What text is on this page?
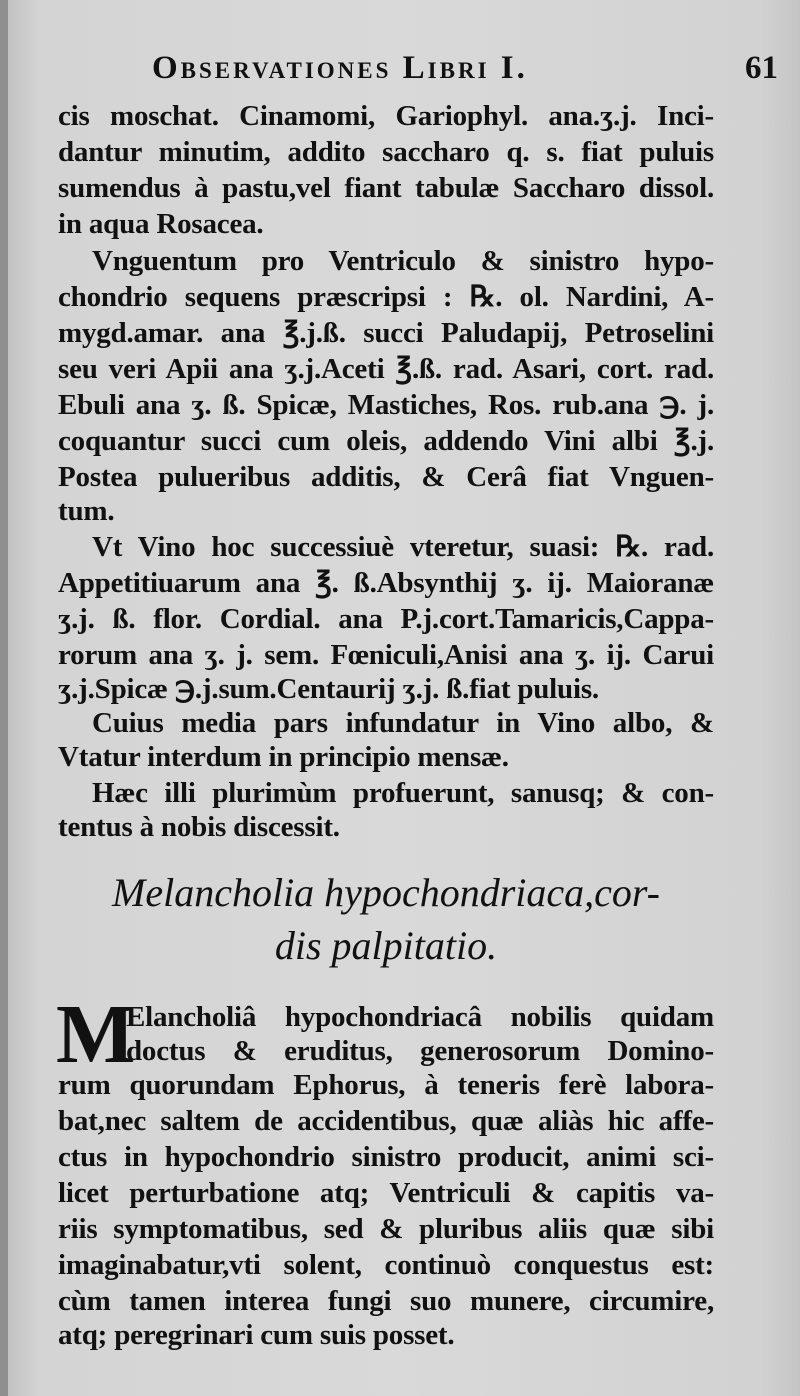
Observationes Libri I.	61
cis moschat. Cinamomi, Gariophyl. ana.ʒ.j. Inci-
dantur minutim, addito saccharo q. s. fiat puluis
sumendus à pastu,vel fiant tabulæ Saccharo dissol.
in aqua Rosacea.
Vnguentum pro Ventriculo & sinistro hypo-
chondrio sequens præscripsi : ℞. ol. Nardini, A-
mygd.amar. ana ℥.j.ß. succi Paludapij, Petroselini
seu veri Apii ana ʒ.j.Aceti ℥.ß. rad. Asari, cort. rad.
Ebuli ana ʒ. ß. Spicæ, Mastiches, Ros. rub.ana ℈. j.
coquantur succi cum oleis, addendo Vini albi ℥.j.
Postea pulueribus additis, & Cerâ fiat Vnguen-
tum.
Vt Vino hoc successiuè vteretur, suasi: ℞. rad.
Appetitiuarum ana ℥. ß.Absynthij ʒ. ij. Maioranæ
ʒ.j. ß. flor. Cordial. ana P.j.cort.Tamaricis,Cappa-
rorum ana ʒ. j. sem. Fœniculi,Anisi ana ʒ. ij. Carui
ʒ.j.Spicæ ℈.j.sum.Centaurij ʒ.j. ß.fiat puluis.
Cuius media pars infundatur in Vino albo, &
Vtatur interdum in principio mensæ.
Hæc illi plurimùm profuerunt, sanusq; & con-
tentus à nobis discessit.
Melancholia hypochondriaca,cor-
dis palpitatio.
M
Elancholiâ hypochondriacâ nobilis quidam
doctus & eruditus, generosorum Domino-
rum quorundam Ephorus, à teneris ferè labora-
bat,nec saltem de accidentibus, quæ aliàs hic affe-
ctus in hypochondrio sinistro producit, animi sci-
licet perturbatione atq; Ventriculi & capitis va-
riis symptomatibus, sed & pluribus aliis quæ sibi
imaginabatur,vti solent, continuò conquestus est:
cùm tamen interea fungi suo munere, circumire,
atq; peregrinari cum suis posset.
